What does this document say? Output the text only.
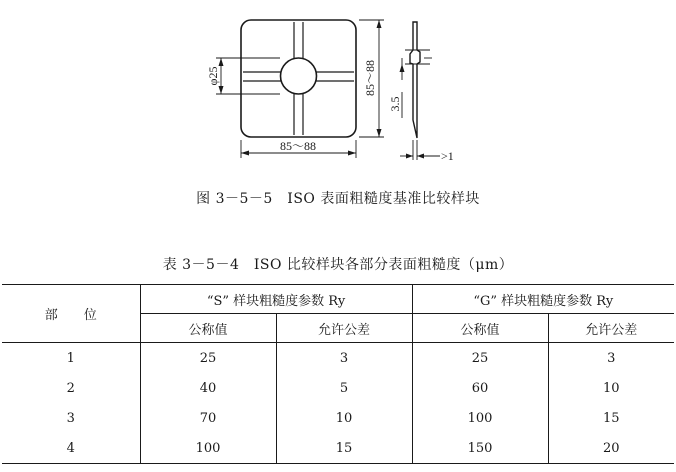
85～88
85～88
φ25
3.5
>1
图 3－5－5　ISO 表面粗糙度基准比较样块
表 3－5－4　ISO 比较样块各部分表面粗糙度（μm）
部　　位	“S” 样块粗糙度参数 Ry		“G” 样块粗糙度参数 Ry	
	公称值	允许公差	公称值	允许公差
1	25	3	25	3
2	40	5	60	10
3	70	10	100	15
4	100	15	150	20
